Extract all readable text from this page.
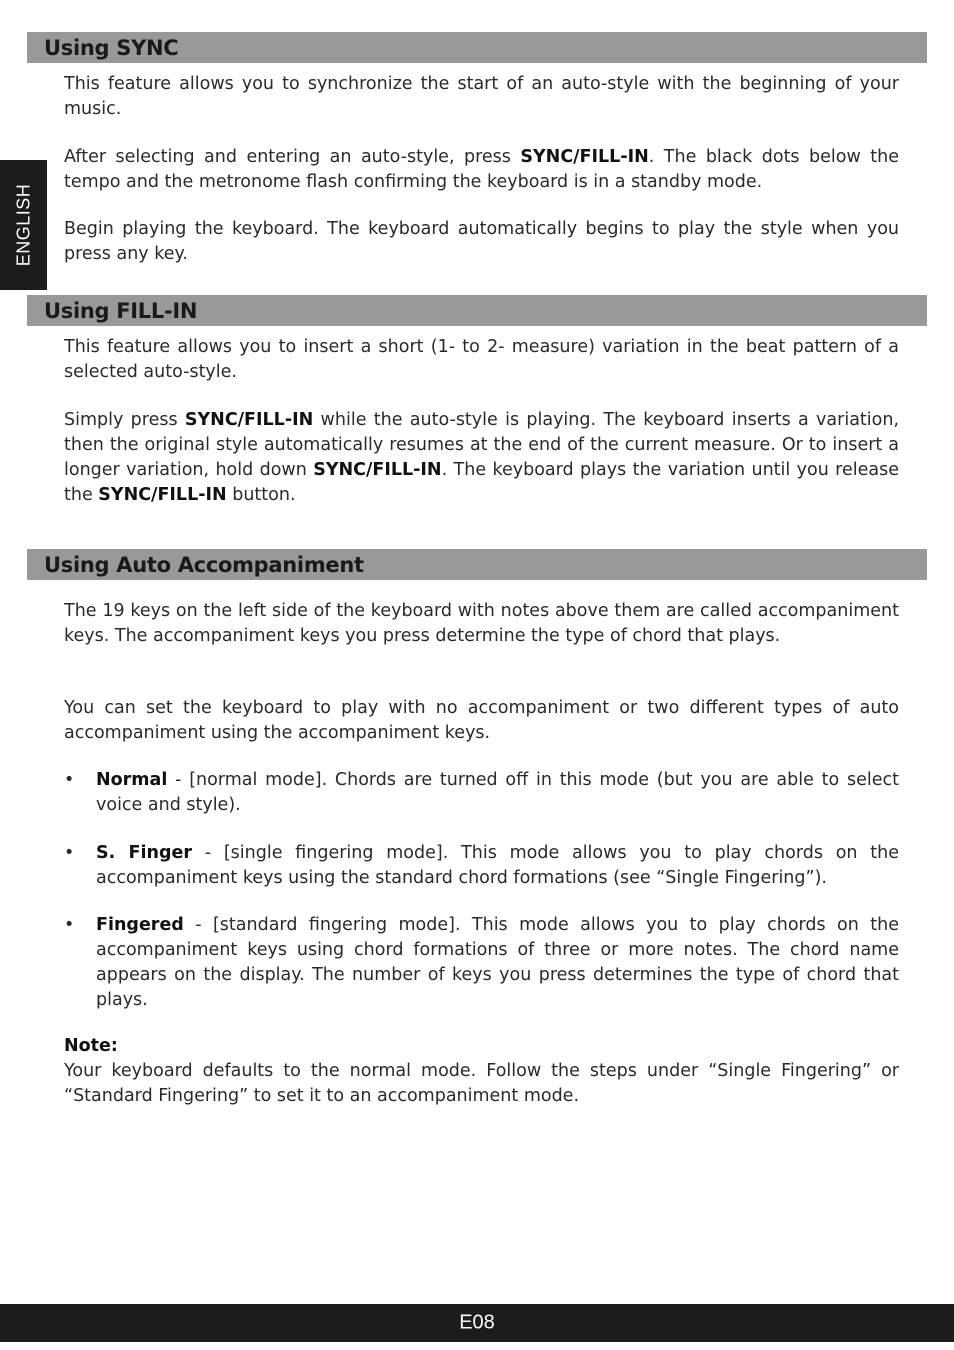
ENGLISH
Using SYNC

This feature allows you to synchronize the start of an auto-style with the beginning of your music.

After selecting and entering an auto-style, press SYNC/FILL-IN. The black dots below the tempo and the metronome flash confirming the keyboard is in a standby mode.

Begin playing the keyboard. The keyboard automatically begins to play the style when you press any key.

Using FILL-IN

This feature allows you to insert a short (1- to 2- measure) variation in the beat pattern of a selected auto-style.

Simply press SYNC/FILL-IN while the auto-style is playing. The keyboard inserts a variation, then the original style automatically resumes at the end of the current measure. Or to insert a longer variation, hold down SYNC/FILL-IN. The keyboard plays the variation until you release the SYNC/FILL-IN button.

Using Auto Accompaniment

The 19 keys on the left side of the keyboard with notes above them are called accompaniment keys. The accompaniment keys you press determine the type of chord that plays.

You can set the keyboard to play with no accompaniment or two different types of auto accompaniment using the accompaniment keys.

• Normal - [normal mode]. Chords are turned off in this mode (but you are able to select voice and style).

• S. Finger - [single fingering mode]. This mode allows you to play chords on the accompaniment keys using the standard chord formations (see “Single Fingering”).

• Fingered - [standard fingering mode]. This mode allows you to play chords on the accompaniment keys using chord formations of three or more notes. The chord name appears on the display. The number of keys you press determines the type of chord that plays.

Note:

Your keyboard defaults to the normal mode. Follow the steps under “Single Fingering” or “Standard Fingering” to set it to an accompaniment mode.

E08
